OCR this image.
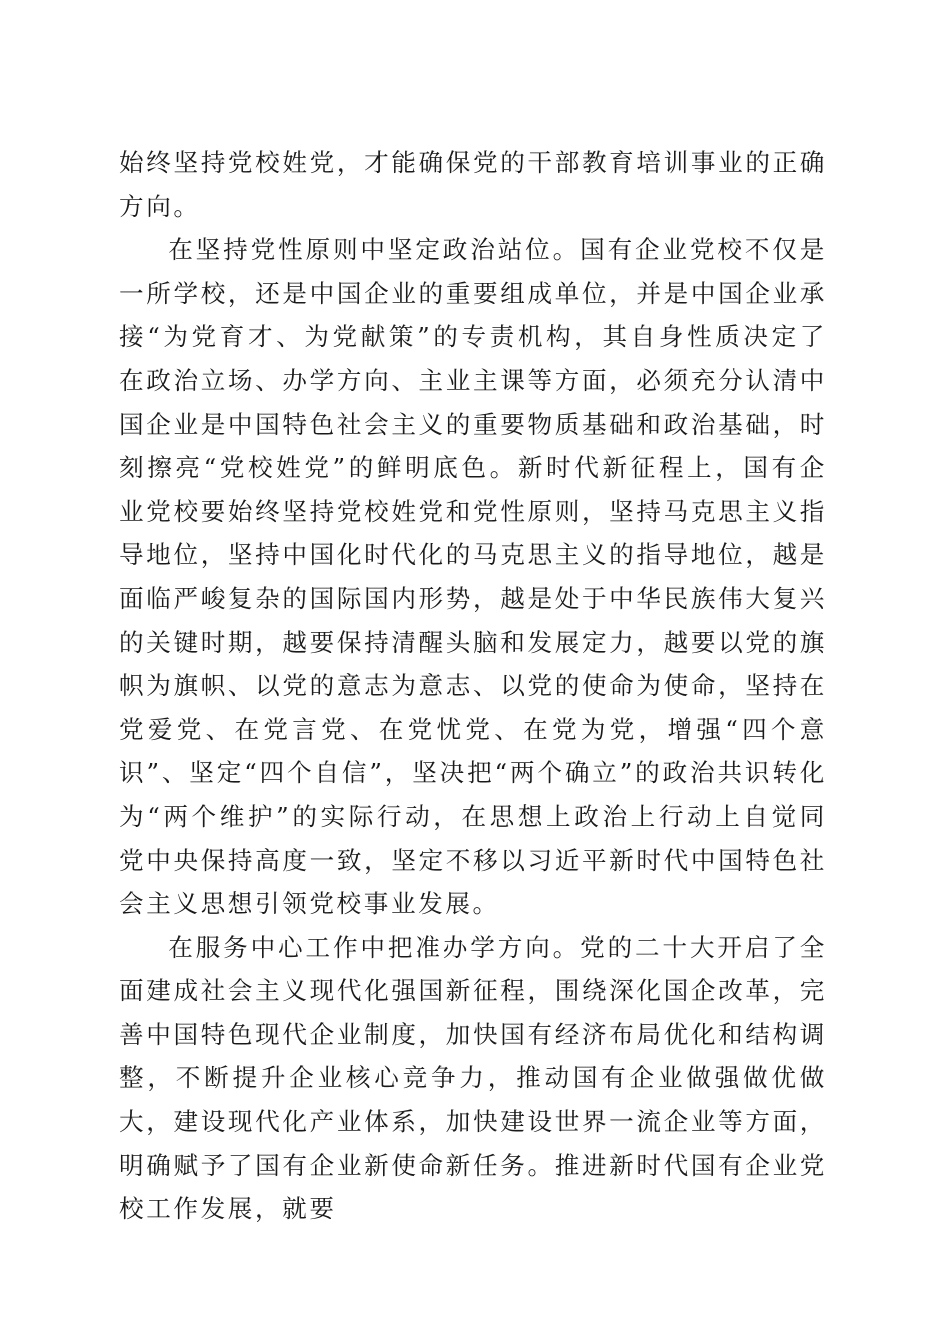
始终坚持党校姓党，才能确保党的干部教育培训事业的正确方向。

在坚持党性原则中坚定政治站位。国有企业党校不仅是一所学校，还是中国企业的重要组成单位，并是中国企业承接“为党育才、为党献策”的专责机构，其自身性质决定了在政治立场、办学方向、主业主课等方面，必须充分认清中国企业是中国特色社会主义的重要物质基础和政治基础，时刻擦亮“党校姓党”的鲜明底色。新时代新征程上，国有企业党校要始终坚持党校姓党和党性原则，坚持马克思主义指导地位，坚持中国化时代化的马克思主义的指导地位，越是面临严峻复杂的国际国内形势，越是处于中华民族伟大复兴的关键时期，越要保持清醒头脑和发展定力，越要以党的旗帜为旗帜、以党的意志为意志、以党的使命为使命，坚持在党爱党、在党言党、在党忧党、在党为党，增强“四个意识”、坚定“四个自信”，坚决把“两个确立”的政治共识转化为“两个维护”的实际行动，在思想上政治上行动上自觉同党中央保持高度一致，坚定不移以习近平新时代中国特色社会主义思想引领党校事业发展。

在服务中心工作中把准办学方向。党的二十大开启了全面建成社会主义现代化强国新征程，围绕深化国企改革，完善中国特色现代企业制度，加快国有经济布局优化和结构调整，不断提升企业核心竞争力，推动国有企业做强做优做大，建设现代化产业体系，加快建设世界一流企业等方面，明确赋予了国有企业新使命新任务。推进新时代国有企业党校工作发展，就要
